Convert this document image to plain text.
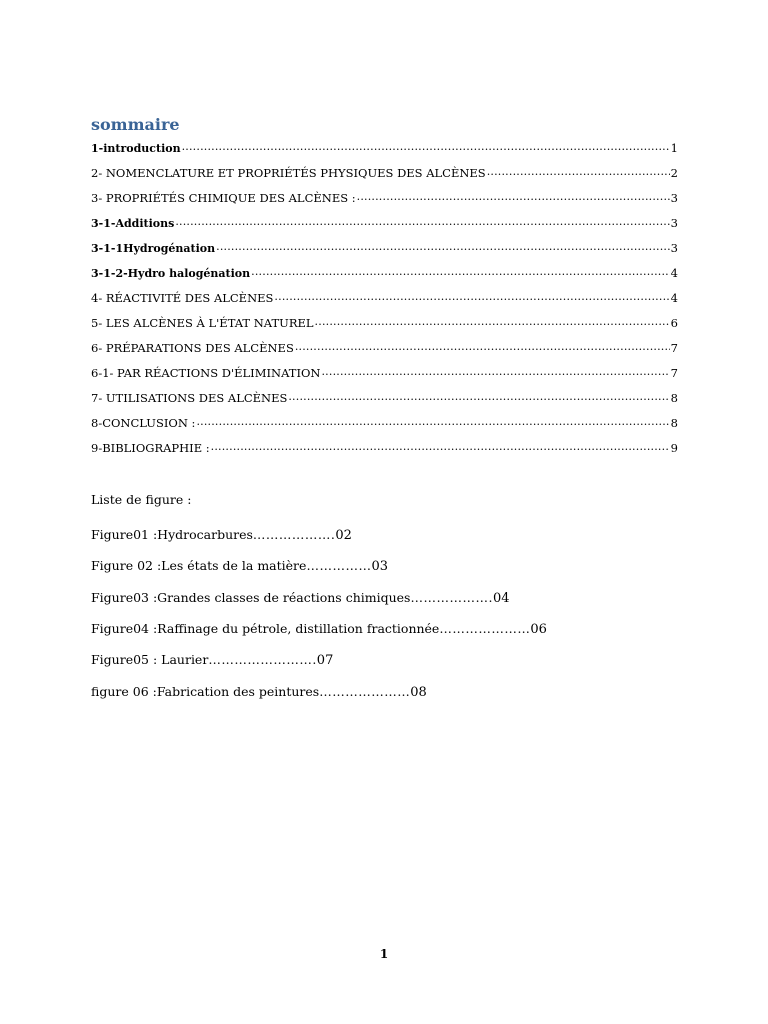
sommaire
1-introduction .....	1
2- NOMENCLATURE ET PROPRIÉTÉS PHYSIQUES DES ALCÈNES .....	2
3- PROPRIÉTÉS CHIMIQUE DES ALCÈNES : .....	3
3-1-Additions .....	3
3-1-1Hydrogénation .....	3
3-1-2-Hydro halogénation .....	4
4- RÉACTIVITÉ DES ALCÈNES .....	4
5- LES ALCÈNES À L'ÉTAT NATUREL .....	6
6- PRÉPARATIONS DES ALCÈNES .....	7
6-1- PAR RÉACTIONS D'ÉLIMINATION .....	7
7- UTILISATIONS DES ALCÈNES .....	8
8-CONCLUSION : .....	8
9-BIBLIOGRAPHIE : .....	9
Liste de figure :
Figure01 :Hydrocarbures……………….02
Figure 02 :Les états de la matière……………03
Figure03 :Grandes classes de réactions chimiques……………….04
Figure04 :Raffinage du pétrole, distillation fractionnée…………………06
Figure05 : Laurier…………………….07
figure 06 :Fabrication des peintures…………………08
1
